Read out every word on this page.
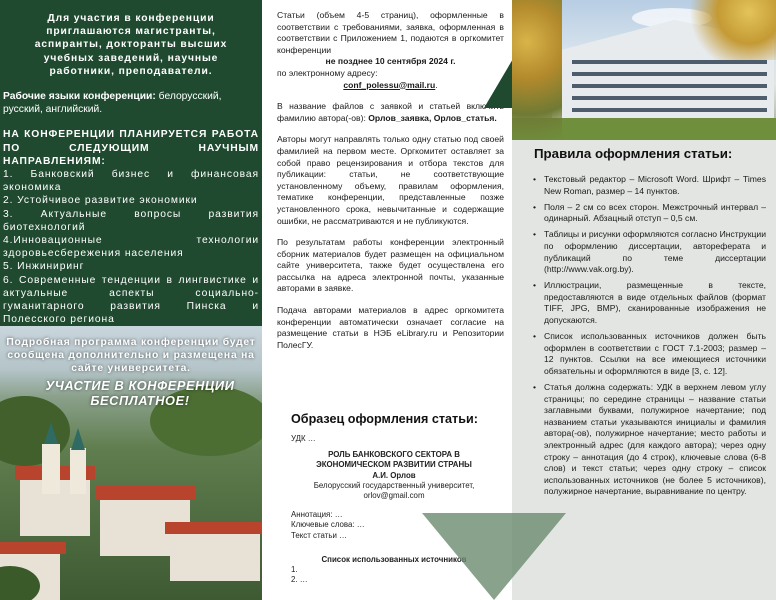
Для участия в конференции приглашаются магистранты, аспиранты, докторанты высших учебных заведений, научные работники, преподаватели.

Рабочие языки конференции: белорусский, русский, английский.

НА КОНФЕРЕНЦИИ ПЛАНИРУЕТСЯ РАБОТА ПО СЛЕДУЮЩИМ НАУЧНЫМ НАПРАВЛЕНИЯМ:

1. Банковский бизнес и финансовая экономика
2. Устойчивое развитие экономики
3. Актуальные вопросы развития биотехнологий
4.Инновационные технологии здоровьесбережения населения
5. Инжиниринг
6. Современные тенденции в лингвистике и актуальные аспекты социально-гуманитарного развития Пинска и Полесского региона

Подробная программа конференции будет сообщена дополнительно и размещена на сайте университета.

УЧАСТИЕ В КОНФЕРЕНЦИИ БЕСПЛАТНОЕ!

Статьи (объем 4-5 страниц), оформленные в соответствии с требованиями, заявка, оформленная в соответствии с Приложением 1, подаются в оргкомитет конференции

не позднее 10 сентября 2024 г.

по электронному адресу:

conf_polessu@mail.ru.

В название файлов с заявкой и статьей включить фамилию автора(-ов): Орлов_заявка, Орлов_статья.

Авторы могут направлять только одну статью под своей фамилией на первом месте. Оргкомитет оставляет за собой право рецензирования и отбора текстов для публикации: статьи, не соответствующие установленному объему, правилам оформления, тематике конференции, представленные позже установленного срока, невычитанные и содержащие ошибки, не рассматриваются и не публикуются.

По результатам работы конференции электронный сборник материалов будет размещен на официальном сайте университета, также будет осуществлена его рассылка на адреса электронной почты, указанные авторами в заявке.

Подача авторами материалов в адрес оргкомитета конференции автоматически означает согласие на размещение статьи в НЭБ eLibrary.ru и Репозитории ПолесГУ.

Образец оформления статьи:

УДК …

РОЛЬ БАНКОВСКОГО СЕКТОРА В

ЭКОНОМИЧЕСКОМ РАЗВИТИИ СТРАНЫ

А.И. Орлов

Белорусский государственный университет,

orlov@gmail.com

Аннотация: …

Ключевые слова: …

Текст статьи …

Список использованных источников

1.

2. …

Правила оформления статьи:
• Текстовый редактор – Microsoft Word. Шрифт – Times New Roman, размер – 14 пунктов.
• Поля – 2 см со всех сторон. Межстрочный интервал – одинарный. Абзацный отступ – 0,5 см.
• Таблицы и рисунки оформляются согласно Инструкции по оформлению диссертации, автореферата и публикаций по теме диссертации (http://www.vak.org.by).
• Иллюстрации, размещенные в тексте, предоставляются в виде отдельных файлов (формат TIFF, JPG, BMP), сканированные изображения не допускаются.
• Список использованных источников должен быть оформлен в соответствии с ГОСТ 7.1-2003; размер – 12 пунктов. Ссылки на все имеющиеся источники обязательны и оформляются в виде [3, с. 12].
• Статья должна содержать: УДК в верхнем левом углу страницы; по середине страницы – название статьи заглавными буквами, полужирное начертание; под названием статьи указываются инициалы и фамилия автора(-ов), полужирное начертание; место работы и электронный адрес (для каждого автора); через одну строку – аннотация (до 4 строк), ключевые слова (6-8 слов) и текст статьи; через одну строку – список использованных источников (не более 5 источников), полужирное начертание, выравнивание по центру.
